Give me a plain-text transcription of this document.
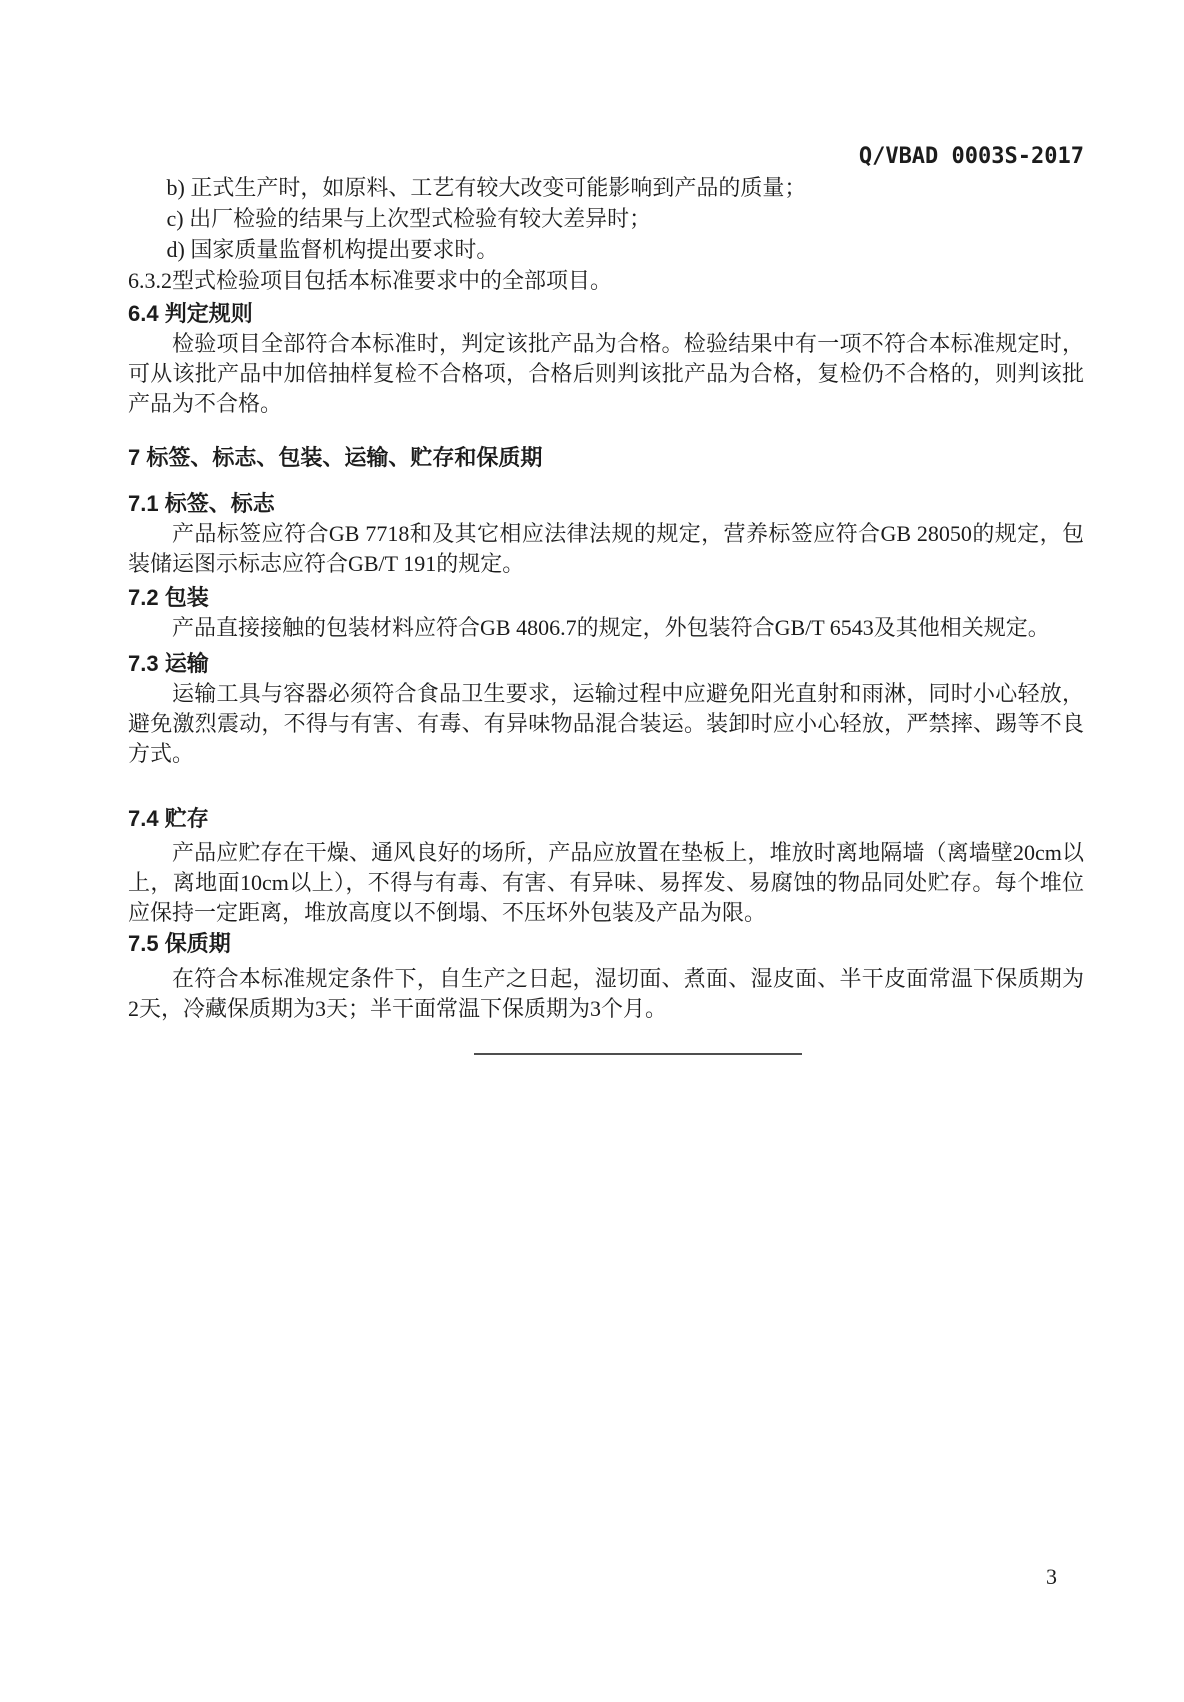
Q/VBAD 0003S-2017

b) 正式生产时，如原料、工艺有较大改变可能影响到产品的质量；

c) 出厂检验的结果与上次型式检验有较大差异时；

d) 国家质量监督机构提出要求时。

6.3.2型式检验项目包括本标准要求中的全部项目。

6.4 判定规则

检验项目全部符合本标准时，判定该批产品为合格。检验结果中有一项不符合本标准规定时，可从该批产品中加倍抽样复检不合格项，合格后则判该批产品为合格，复检仍不合格的，则判该批产品为不合格。

7 标签、标志、包装、运输、贮存和保质期
7.1 标签、标志

产品标签应符合GB 7718和及其它相应法律法规的规定，营养标签应符合GB 28050的规定，包装储运图示标志应符合GB/T 191的规定。

7.2 包装

产品直接接触的包装材料应符合GB 4806.7的规定，外包装符合GB/T 6543及其他相关规定。

7.3 运输

运输工具与容器必须符合食品卫生要求，运输过程中应避免阳光直射和雨淋，同时小心轻放，避免激烈震动，不得与有害、有毒、有异味物品混合装运。装卸时应小心轻放，严禁摔、踢等不良方式。

7.4 贮存

产品应贮存在干燥、通风良好的场所，产品应放置在垫板上，堆放时离地隔墙（离墙壁20cm以上，离地面10cm以上），不得与有毒、有害、有异味、易挥发、易腐蚀的物品同处贮存。每个堆位应保持一定距离，堆放高度以不倒塌、不压坏外包装及产品为限。

7.5 保质期

在符合本标准规定条件下，自生产之日起，湿切面、煮面、湿皮面、半干皮面常温下保质期为2天，冷藏保质期为3天；半干面常温下保质期为3个月。

3
